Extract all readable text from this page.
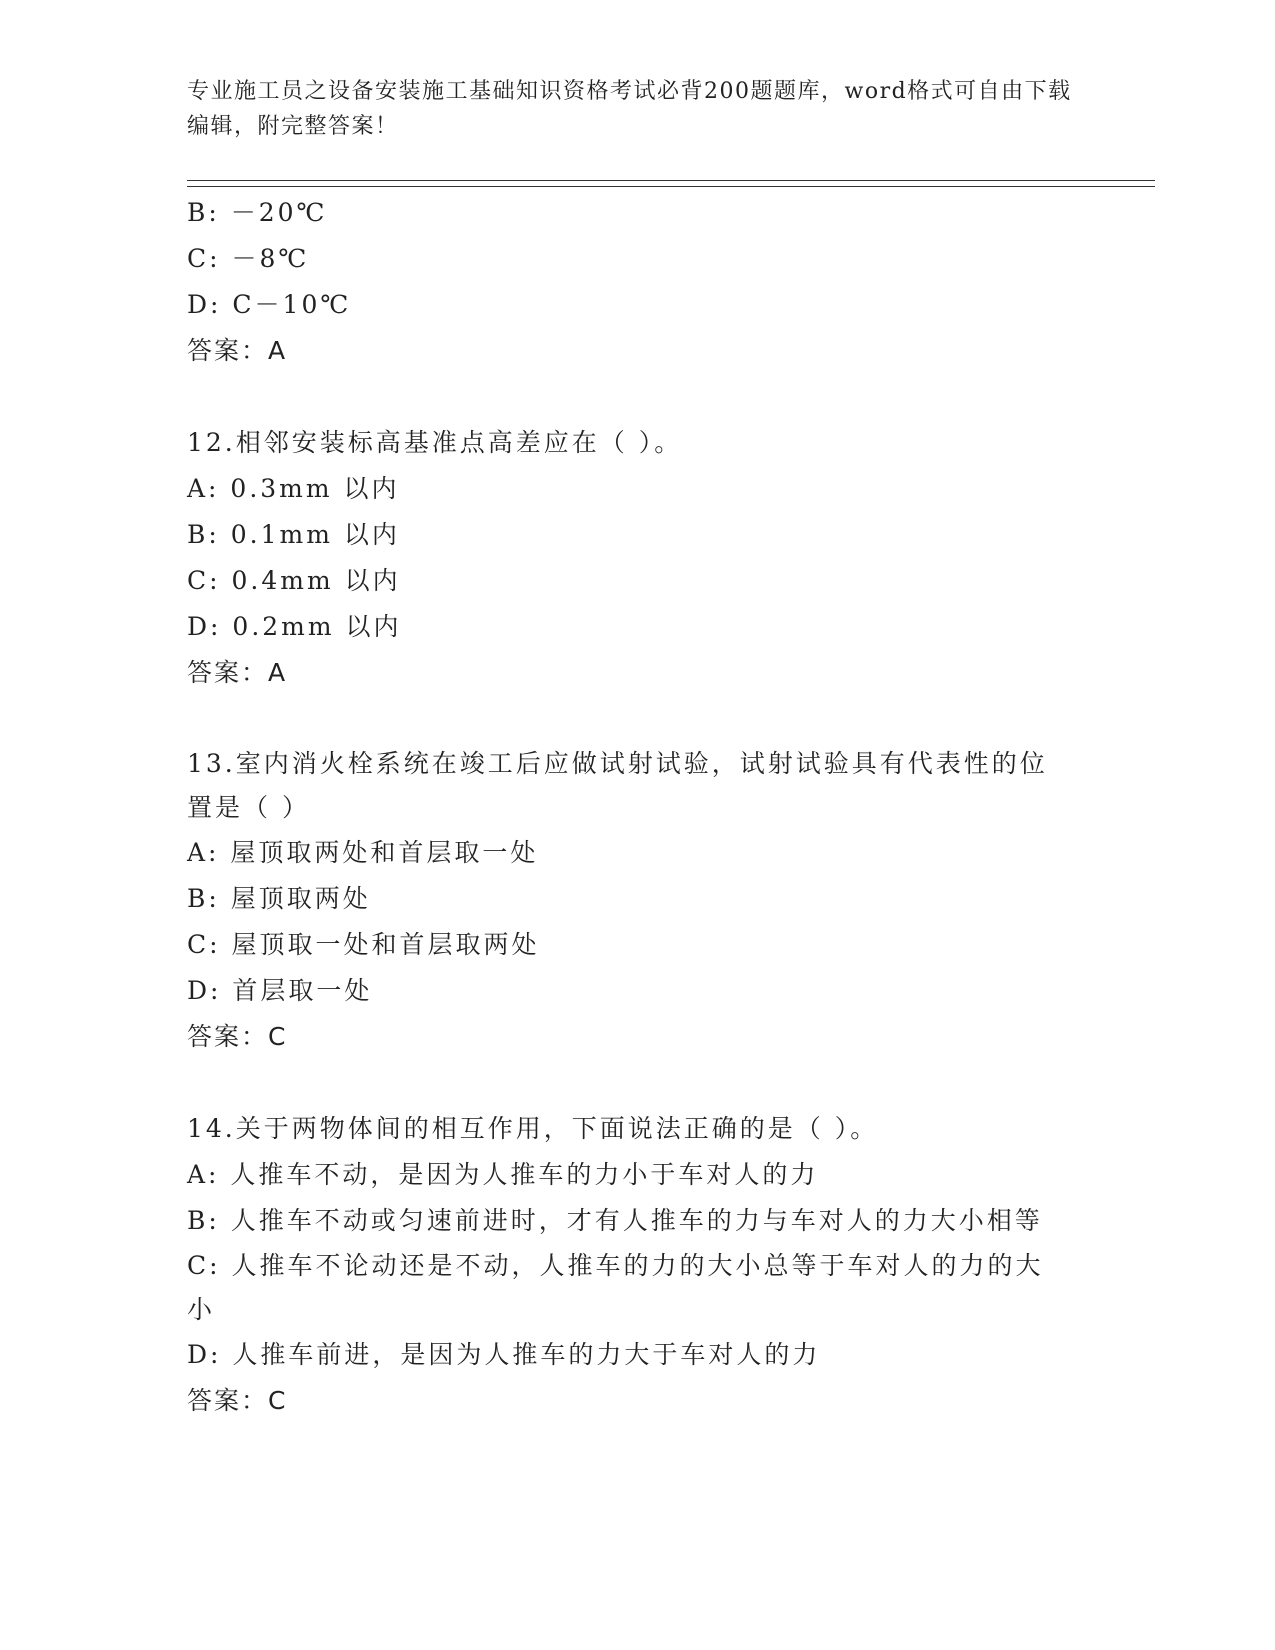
专业施工员之设备安装施工基础知识资格考试必背200题题库，word格式可自由下载编辑，附完整答案！
B: －20℃
C: －8℃
D: C－10℃
答案：A
12.相邻安装标高基准点高差应在（ ）。
A: 0.3mm 以内
B: 0.1mm 以内
C: 0.4mm 以内
D: 0.2mm 以内
答案：A
13.室内消火栓系统在竣工后应做试射试验，试射试验具有代表性的位置是（ ）
A: 屋顶取两处和首层取一处
B: 屋顶取两处
C: 屋顶取一处和首层取两处
D: 首层取一处
答案：C
14.关于两物体间的相互作用，下面说法正确的是（ ）。
A: 人推车不动，是因为人推车的力小于车对人的力
B: 人推车不动或匀速前进时，才有人推车的力与车对人的力大小相等
C: 人推车不论动还是不动，人推车的力的大小总等于车对人的力的大小
D: 人推车前进，是因为人推车的力大于车对人的力
答案：C
